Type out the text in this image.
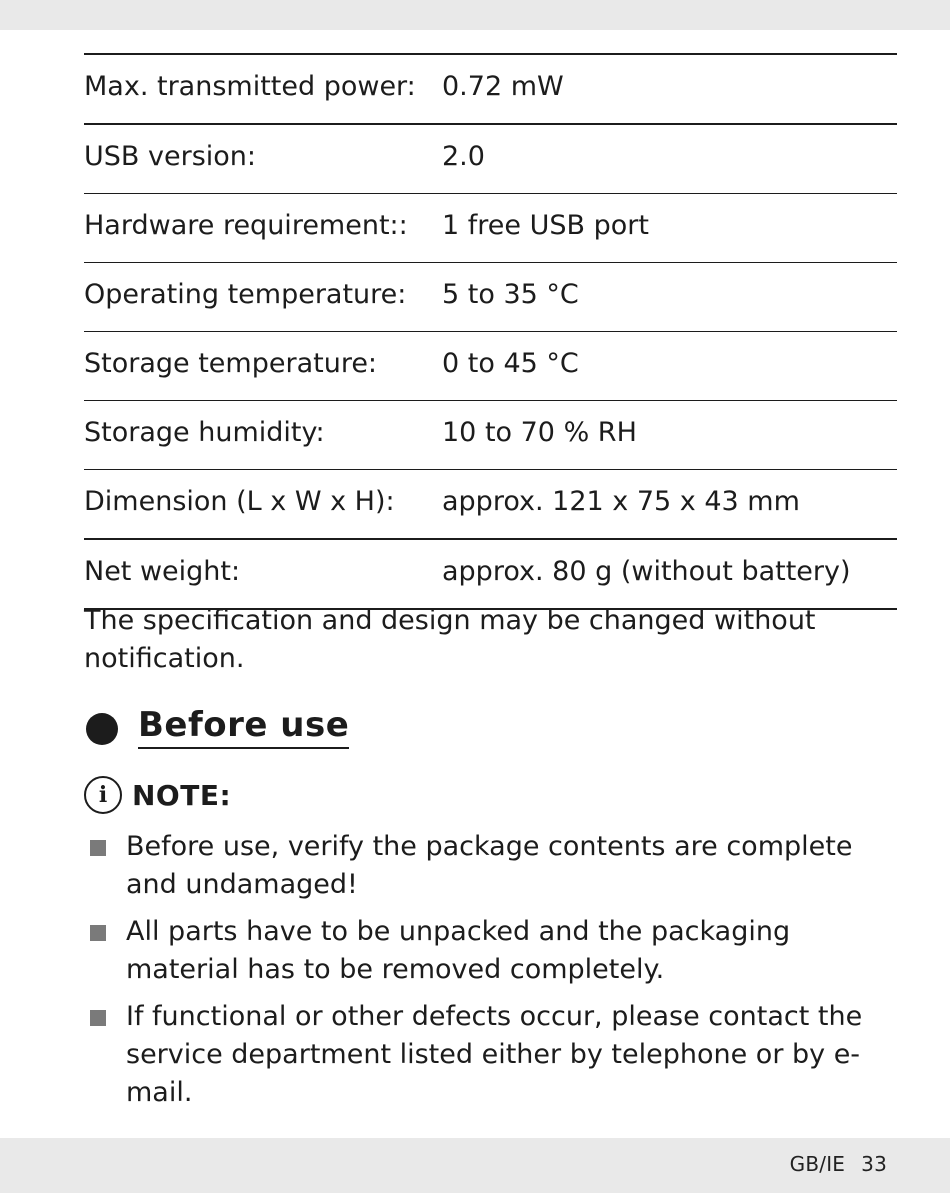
Max. transmitted power:	0.72 mW
USB version:	2.0
Hardware requirement::	1 free USB port
Operating temperature:	5 to 35 °C
Storage temperature:	0 to 45 °C
Storage humidity:	10 to 70 % RH
Dimension (L x W x H):	approx. 121 x 75 x 43 mm
Net weight:	approx. 80 g (without battery)

The specification and design may be changed without notification.

Before use
i NOTE:
Before use, verify the package contents are complete and undamaged!
All parts have to be unpacked and the packaging material has to be removed completely.
If functional or other defects occur, please contact the service department listed either by telephone or by e-mail.
GB/IE 33
